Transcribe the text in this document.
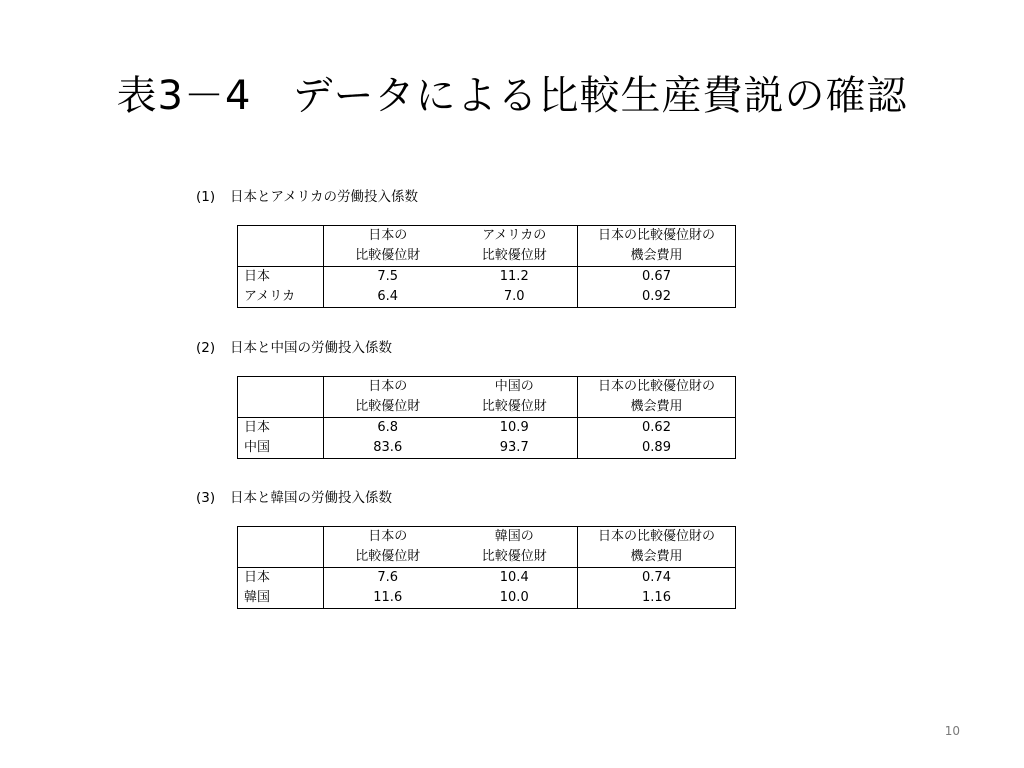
表3－4　データによる比較生産費説の確認
(1) 日本とアメリカの労働投入係数
	日本の	アメリカの	日本の比較優位財の
	比較優位財	比較優位財	機会費用
日本	7.5	11.2	0.67
アメリカ	6.4	7.0	0.92
(2) 日本と中国の労働投入係数
	日本の	中国の	日本の比較優位財の
	比較優位財	比較優位財	機会費用
日本	6.8	10.9	0.62
中国	83.6	93.7	0.89
(3) 日本と韓国の労働投入係数
	日本の	韓国の	日本の比較優位財の
	比較優位財	比較優位財	機会費用
日本	7.6	10.4	0.74
韓国	11.6	10.0	1.16
10
